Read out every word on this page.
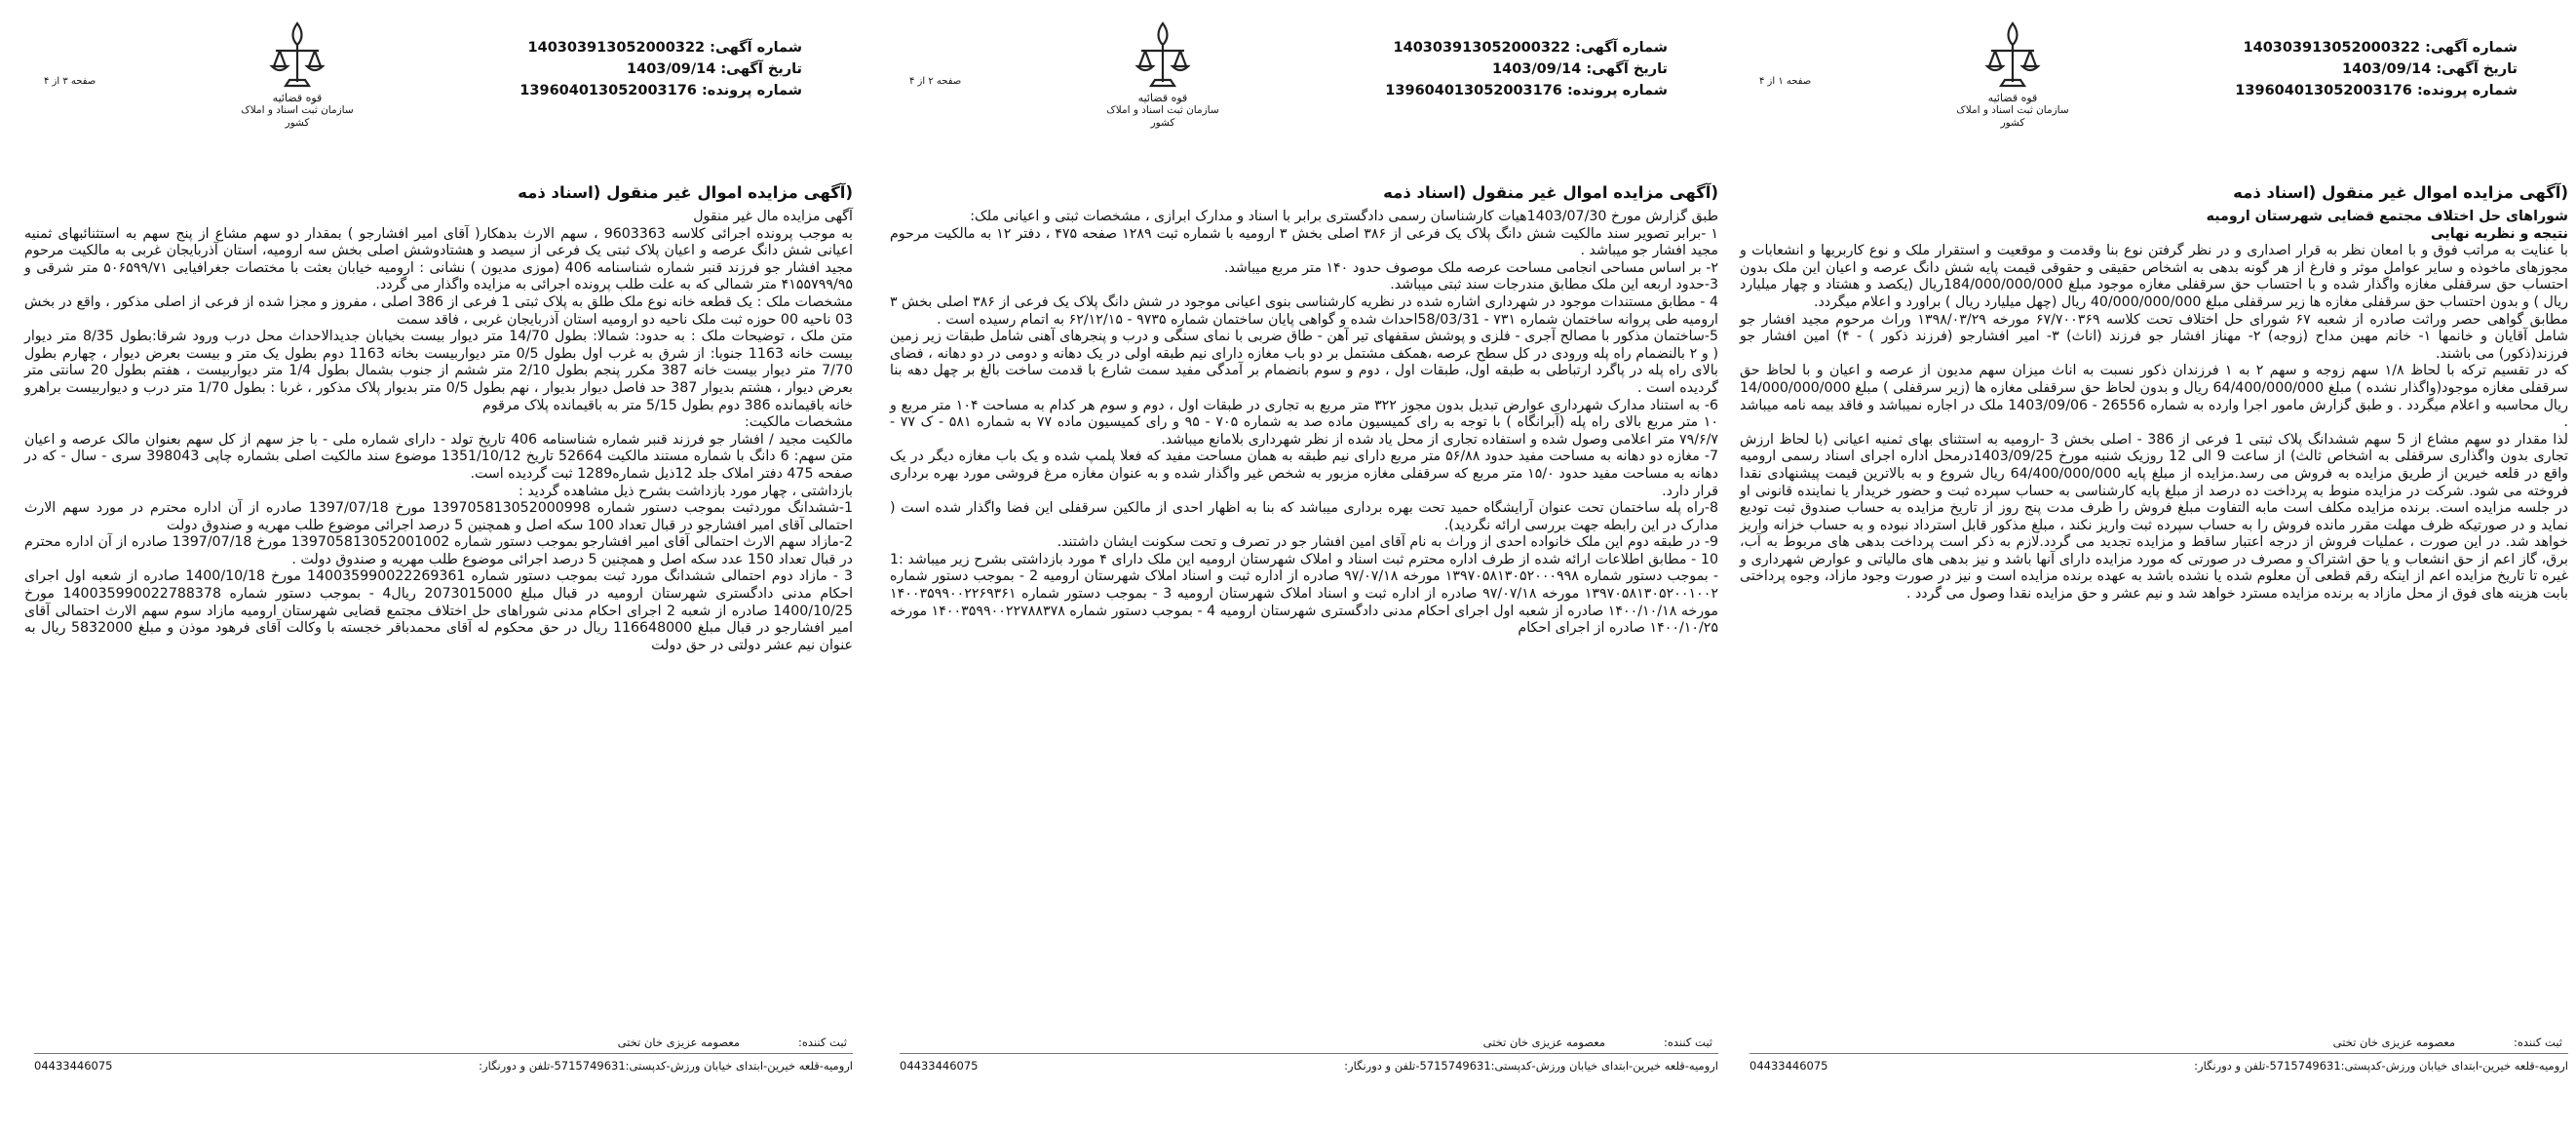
شماره آگهی: 140303913052000322
تاریخ آگهی: 1403/09/14
شماره پرونده: 139604013052003176
قوه قضائیه
سازمان ثبت اسناد و املاک کشور
صفحه ۱ از ۴
(آگهی مزایده اموال غیر منقول (اسناد ذمه

شوراهای حل اختلاف مجتمع قضایی شهرستان ارومیه

نتیجه و نظریه نهایی

با عنایت به مراتب فوق و با امعان نظر به قرار اصداری و در نظر گرفتن نوع بنا وقدمت و موقعیت و استقرار ملک و نوع کاربریها و انشعابات و مجوزهای ماخوذه و سایر عوامل موثر و فارغ از هر گونه بدهی به اشخاص حقیقی و حقوقی قیمت پایه شش دانگ عرصه و اعیان این ملک بدون احتساب حق سرقفلی مغازه واگذار شده و با احتساب حق سرقفلی مغازه موجود مبلغ 184/000/000/000ریال (یکصد و هشتاد و چهار میلیارد ریال ) و بدون احتساب حق سرقفلی مغازه ها زیر سرقفلی مبلغ 40/000/000/000 ریال (چهل میلیارد ریال ) براورد و اعلام میگردد.

مطابق گواهی حصر وراثت صادره از شعبه ۶۷ شورای حل اختلاف تحت کلاسه ۶۷/۷۰۰۳۶۹ مورخه ۱۳۹۸/۰۳/۲۹ وراث مرحوم مجید افشار جو شامل آقایان و خانمها ۱- خانم مهین مداح (زوجه) ۲- مهناز افشار جو فرزند (اناث) ۳- امیر افشارجو (فرزند ذکور ) - ۴) امین افشار جو فرزند(ذکور) می باشند.

که در تقسیم ترکه با لحاظ ۱/۸ سهم زوجه و سهم ۲ به ۱ فرزندان ذکور نسبت به اناث میزان سهم مدیون از عرصه و اعیان و با لحاظ حق سرقفلی مغازه موجود(واگذار نشده ) مبلغ 64/400/000/000 ریال و بدون لحاظ حق سرقفلی مغازه ها (زیر سرقفلی ) مبلغ 14/000/000/000 ریال محاسبه و اعلام میگردد . و طبق گزارش مامور اجرا وارده به شماره 26556 - 1403/09/06 ملک در اجاره نمیباشد و فاقد بیمه نامه میباشد .

لذا مقدار دو سهم مشاع از 5 سهم ششدانگ پلاک ثبتی 1 فرعی از 386 - اصلی بخش 3 -ارومیه به استثنای بهای ثمنیه اعیانی (با لحاظ ارزش تجاری بدون واگذاری سرقفلی به اشخاص ثالث) از ساعت 9 الی 12 روزیک شنبه مورخ 1403/09/25درمحل اداره اجرای اسناد رسمی ارومیه واقع در قلعه خیرین از طریق مزایده به فروش می رسد.مزایده از مبلغ پایه 64/400/000/000 ریال شروع و به بالاترین قیمت پیشنهادی نقدا فروخته می شود. شرکت در مزایده منوط به پرداخت ده درصد از مبلغ پایه کارشناسی به حساب سپرده ثبت و حضور خریدار یا نماینده قانونی او در جلسه مزایده است. برنده مزایده مکلف است مابه التفاوت مبلغ فروش را ظرف مدت پنج روز از تاریخ مزایده به حساب صندوق ثبت تودیع نماید و در صورتیکه ظرف مهلت مقرر مانده فروش را به حساب سپرده ثبت واریز نکند ، مبلغ مذکور قابل استرداد نبوده و به حساب خزانه واریز خواهد شد. در این صورت ، عملیات فروش از درجه اعتبار ساقط و مزایده تجدید می گردد.لازم به ذکر است پرداخت بدهی های مربوط به آب، برق، گاز اعم از حق انشعاب و یا حق اشتراک و مصرف در صورتی که مورد مزایده دارای آنها باشد و نیز بدهی های مالیاتی و عوارض شهرداری و غیره تا تاریخ مزایده اعم از اینکه رقم قطعی آن معلوم شده یا نشده باشد به عهده برنده مزایده است و نیز در صورت وجود مازاد، وجوه پرداختی بابت هزینه های فوق از محل مازاد به برنده مزایده مسترد خواهد شد و نیم عشر و حق مزایده نقدا وصول می گردد .

ثبت کننده:
معصومه عزیزی خان تختی
ارومیه-قلعه خیرین-ابتدای خیابان ورزش-کدپستی:5715749631-تلفن و دورنگار:
04433446075
شماره آگهی: 140303913052000322
تاریخ آگهی: 1403/09/14
شماره پرونده: 139604013052003176
قوه قضائیه
سازمان ثبت اسناد و املاک کشور
صفحه ۲ از ۴
(آگهی مزایده اموال غیر منقول (اسناد ذمه

طبق گزارش مورخ 1403/07/30هیات کارشناسان رسمی دادگستری برابر با اسناد و مدارک ابرازی ، مشخصات ثبتی و اعیانی ملک:

۱ -برابر تصویر سند مالکیت شش دانگ پلاک یک فرعی از ۳۸۶ اصلی بخش ۳ ارومیه با شماره ثبت ۱۲۸۹ صفحه ۴۷۵ ، دفتر ۱۲ به مالکیت مرحوم مجید افشار جو میباشد .

۲- بر اساس مساحی انجامی مساحت عرصه ملک موصوف حدود ۱۴۰ متر مربع میباشد.

3-حدود اربعه این ملک مطابق مندرجات سند ثبتی میباشد.

4 - مطابق مستندات موجود در شهرداری اشاره شده در نظریه کارشناسی بنوی اعیانی موجود در شش دانگ پلاک یک فرعی از ۳۸۶ اصلی بخش ۳ ارومیه طی پروانه ساختمان شماره ۷۳۱ - 58/03/31احداث شده و گواهی پایان ساختمان شماره ۹۷۳۵ - ۶۲/۱۲/۱۵ به اتمام رسیده است .

5-ساختمان مذکور با مصالح آجری - فلزی و پوشش سقفهای تیر آهن - طاق ضربی با نمای سنگی و درب و پنجرهای آهنی شامل طبقات زیر زمین ( و ۲ بالنضمام راه پله ورودی در کل سطح عرصه ،همکف مشتمل بر دو باب مغازه دارای نیم طبقه اولی در یک دهانه و دومی در دو دهانه ، فضای بالای راه پله در پاگرد ارتباطی به طبقه اول، طبقات اول ، دوم و سوم بانضمام بر آمدگی مفید سمت شارع با قدمت ساخت بالغ بر چهل دهه بنا گردیده است .

6- به استناد مدارک شهرداری عوارض تبدیل بدون مجوز ۳۲۲ متر مربع به تجاری در طبقات اول ، دوم و سوم هر کدام به مساحت ۱۰۴ متر مربع و ۱۰ متر مربع بالای راه پله (آبرانگاه ) با توجه به رای کمیسیون ماده صد به شماره ۷۰۵ - ۹۵ و رای کمیسیون ماده ۷۷ به شماره ۵۸۱ - ک ۷۷ - ۷۹/۶/۷ متر اعلامی وصول شده و استفاده تجاری از محل یاد شده از نظر شهرداری بلامانع میباشد.

7- مغازه دو دهانه به مساحت مفید حدود ۵۶/۸۸ متر مربع دارای نیم طبقه به همان مساحت مفید که فعلا پلمپ شده و یک باب مغازه دیگر در یک دهانه به مساحت مفید حدود ۱۵/۰ متر مربع که سرقفلی مغازه مزبور به شخص غیر واگذار شده و به عنوان مغازه مرغ فروشی مورد بهره برداری قرار دارد.

8-راه پله ساختمان تحت عنوان آرایشگاه حمید تحت بهره برداری میباشد که بنا به اظهار احدی از مالکین سرقفلی این فضا واگذار شده است ( مدارک در این رابطه جهت بررسی ارائه نگردید).

9- در طبقه دوم این ملک خانواده احدی از وراث به نام آقای امین افشار جو در تصرف و تحت سکونت ایشان داشتند.

10 - مطابق اطلاعات ارائه شده از طرف اداره محترم ثبت اسناد و املاک شهرستان ارومیه این ملک دارای ۴ مورد بازداشتی بشرح زیر میباشد :1 - بموجب دستور شماره ۱۳۹۷۰۵۸۱۳۰۵۲۰۰۰۹۹۸ مورخه ۹۷/۰۷/۱۸ صادره از اداره ثبت و اسناد املاک شهرستان ارومیه 2 - بموجب دستور شماره ۱۳۹۷۰۵۸۱۳۰۵۲۰۰۱۰۰۲ مورخه ۹۷/۰۷/۱۸ صادره از اداره ثبت و اسناد املاک شهرستان ارومیه 3 - بموجب دستور شماره ۱۴۰۰۳۵۹۹۰۰۲۲۶۹۳۶۱ مورخه ۱۴۰۰/۱۰/۱۸ صادره از شعبه اول اجرای احکام مدنی دادگستری شهرستان ارومیه 4 - بموجب دستور شماره ۱۴۰۰۳۵۹۹۰۰۲۲۷۸۸۳۷۸ مورخه ۱۴۰۰/۱۰/۲۵ صادره از اجرای احکام

ثبت کننده:
معصومه عزیزی خان تختی
ارومیه-قلعه خیرین-ابتدای خیابان ورزش-کدپستی:5715749631-تلفن و دورنگار:
04433446075
شماره آگهی: 140303913052000322
تاریخ آگهی: 1403/09/14
شماره پرونده: 139604013052003176
قوه قضائیه
سازمان ثبت اسناد و املاک کشور
صفحه ۳ از ۴
(آگهی مزایده اموال غیر منقول (اسناد ذمه

آگهی مزایده مال غیر منقول

به موجب پرونده اجرائی کلاسه 9603363 ، سهم الارث بدهکار( آقای امیر افشارجو ) بمقدار دو سهم مشاع از پنج سهم به استثنائبهای ثمنیه اعیانی شش دانگ عرصه و اعیان پلاک ثبتی یک فرعی از سیصد و هشتادوشش اصلی بخش سه ارومیه، استان آذربایجان غربی به مالکیت مرحوم مجید افشار جو فرزند قنبر شماره شناسنامه 406 (موزی مدیون ) نشانی : ارومیه خیابان بعثت با مختصات جغرافیایی ۵۰۶۵۹۹/۷۱ متر شرقی و ۴۱۵۵۷۹۹/۹۵ متر شمالی که به علت طلب پرونده اجرائی به مزایده واگذار می گردد.

مشخصات ملک : یک قطعه خانه نوع ملک طلق به پلاک ثبتی 1 فرعی از 386 اصلی ، مفروز و مجزا شده از فرعی از اصلی مذکور ، واقع در بخش 03 ناحیه 00 حوزه ثبت ملک ناحیه دو ارومیه استان آذربایجان غربی ، فاقد سمت

متن ملک ، توضیحات ملک : به حدود: شمالا: بطول 14/70 متر دیوار بیست بخیابان جدیدالاحداث محل درب ورود شرقا:بطول 8/35 متر دیوار بیست خانه 1163 جنوبا: از شرق به غرب اول بطول 0/5 متر دیواربیست بخانه 1163 دوم بطول یک متر و بیست بعرض دیوار ، چهارم بطول 7/70 متر دیوار بیست خانه 387 مکرر پنجم بطول 2/10 متر ششم از جنوب بشمال بطول 1/4 متر دیواربیست ، هفتم بطول 20 سانتی متر بعرض دیوار ، هشتم بدیوار 387 حد فاصل دیوار بدیوار ، نهم بطول 0/5 متر بدیوار پلاک مذکور ، غربا : بطول 1/70 متر درب و دیواربیست براهرو خانه باقیمانده 386 دوم بطول 5/15 متر به باقیمانده پلاک مرقوم

مشخصات مالکیت:

مالکیت مجید / افشار جو فرزند قنبر شماره شناسنامه 406 تاریخ تولد - دارای شماره ملی - با جز سهم از کل سهم بعنوان مالک عرصه و اعیان متن سهم: 6 دانگ با شماره مستند مالکیت 52664 تاریخ 1351/10/12 موضوع سند مالکیت اصلی بشماره چاپی 398043 سری - سال - که در صفحه 475 دفتر املاک جلد 12ذیل شماره1289 ثبت گردیده است.

بازداشتی ، چهار مورد بازداشت بشرح ذیل مشاهده گردید :

1-ششدانگ موردثبت بموجب دستور شماره 139705813052000998 مورخ 1397/07/18 صادره از آن اداره محترم در مورد سهم الارث احتمالی آقای امیر افشارجو در قبال تعداد 100 سکه اصل و همچنین 5 درصد اجرائی موضوع طلب مهریه و صندوق دولت

2-مازاد سهم الارث احتمالی آقای امیر افشارجو بموجب دستور شماره 139705813052001002 مورخ 1397/07/18 صادره از آن اداره محترم در قبال تعداد 150 عدد سکه اصل و همچنین 5 درصد اجرائی موضوع طلب مهریه و صندوق دولت .

3 - مازاد دوم احتمالی ششدانگ مورد ثبت بموجب دستور شماره 140035990022269361 مورخ 1400/10/18 صادره از شعبه اول اجرای احکام مدنی دادگستری شهرستان ارومیه در قبال مبلغ 2073015000 ریال4 - بموجب دستور شماره 140035990022788378 مورخ 1400/10/25 صادره از شعبه 2 اجرای احکام مدنی شوراهای حل اختلاف مجتمع قضایی شهرستان ارومیه مازاد سوم سهم الارث احتمالی آقای امیر افشارجو در قبال مبلغ 116648000 ریال در حق محکوم له آقای محمدباقر خجسته با وکالت آقای فرهود موذن و مبلغ 5832000 ریال به عنوان نیم عشر دولتی در حق دولت

ثبت کننده:
معصومه عزیزی خان تختی
ارومیه-قلعه خیرین-ابتدای خیابان ورزش-کدپستی:5715749631-تلفن و دورنگار:
04433446075
